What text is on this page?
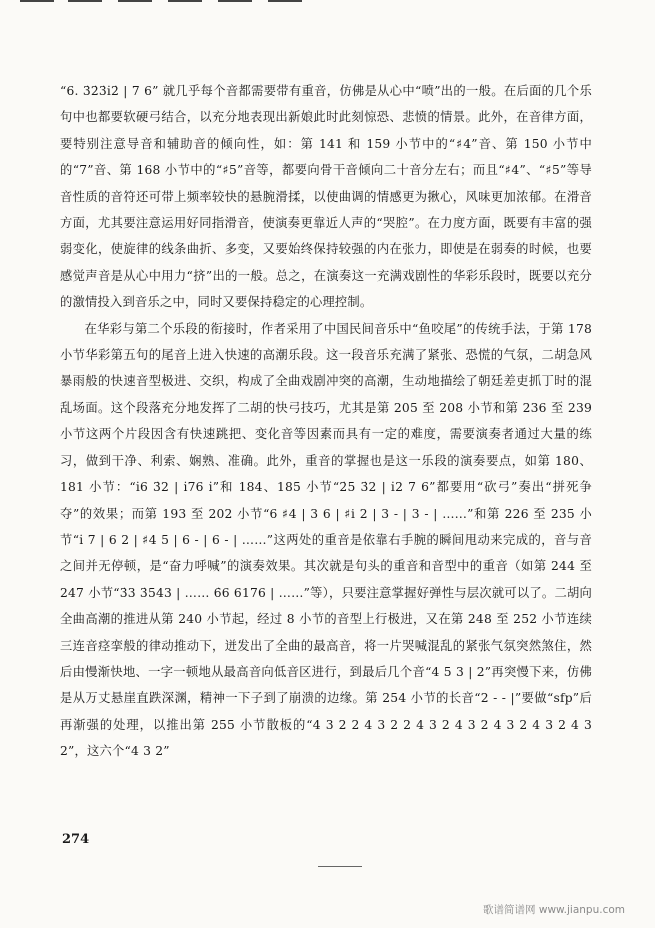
“6. 3̇2̇3̇i̇2̇ | 7 6” 就几乎每个音都需要带有重音，仿佛是从心中“喷”出的一般。在后面的几个乐句中也都要软硬弓结合，以充分地表现出新娘此时此刻惊恐、悲愤的情景。此外，在音律方面，要特别注意导音和辅助音的倾向性，如：第 141 和 159 小节中的“♯4”音、第 150 小节中的“7”音、第 168 小节中的“♯5”音等，都要向骨干音倾向二十音分左右；而且“♯4”、“♯5”等导音性质的音符还可带上频率较快的悬腕滑揉，以使曲调的情感更为揪心，风味更加浓郁。在滑音方面，尤其要注意运用好同指滑音，使演奏更靠近人声的“哭腔”。在力度方面，既要有丰富的强弱变化，使旋律的线条曲折、多变，又要始终保持较强的内在张力，即使是在弱奏的时候，也要感觉声音是从心中用力“挤”出的一般。总之，在演奏这一充满戏剧性的华彩乐段时，既要以充分的激情投入到音乐之中，同时又要保持稳定的心理控制。

在华彩与第二个乐段的衔接时，作者采用了中国民间音乐中“鱼咬尾”的传统手法，于第 178 小节华彩第五句的尾音上进入快速的高潮乐段。这一段音乐充满了紧张、恐慌的气氛，二胡急风暴雨般的快速音型极进、交织，构成了全曲戏剧冲突的高潮，生动地描绘了朝廷差吏抓丁时的混乱场面。这个段落充分地发挥了二胡的快弓技巧，尤其是第 205 至 208 小节和第 236 至 239 小节这两个片段因含有快速跳把、变化音等因素而具有一定的难度，需要演奏者通过大量的练习，做到干净、利索、娴熟、准确。此外，重音的掌握也是这一乐段的演奏要点，如第 180、181 小节：“i̇6 3̇2 | i̇76 i̇”和 184、185 小节“2̇5 3̇2 | i̇2 7 6”都要用“砍弓”奏出“拼死争夺”的效果；而第 193 至 202 小节“6 ♯4 | 3 6 | ♯i 2 | 3 - | 3 - | ……”和第 226 至 235 小节“i̇ 7 | 6 2 | ♯4 5 | 6 - | 6 - | ……”这两处的重音是依靠右手腕的瞬间甩动来完成的，音与音之间并无停顿，是“奋力呼喊”的演奏效果。其次就是句头的重音和音型中的重音（如第 244 至 247 小节“3̇3 3̇543 | …… 6̇6 6176 | ……”等），只要注意掌握好弹性与层次就可以了。二胡向全曲高潮的推进从第 240 小节起，经过 8 小节的音型上行极进，又在第 248 至 252 小节连续三连音痉挛般的律动推动下，迸发出了全曲的最高音，将一片哭喊混乱的紧张气氛突然煞住，然后由慢渐快地、一字一顿地从最高音向低音区进行，到最后几个音“4 5 3 | 2”再突慢下来，仿佛是从万丈悬崖直跌深渊，精神一下子到了崩溃的边缘。第 254 小节的长音“2 - - |”要做“sfp”后再渐强的处理，以推出第 255 小节散板的“4 3 2 2 4 3 2 2 4 3 2 4 3 2 4 3 2 4 3 2 4 3 2”，这六个“4 3 2”

274
歌谱简谱网 www.jianpu.com
